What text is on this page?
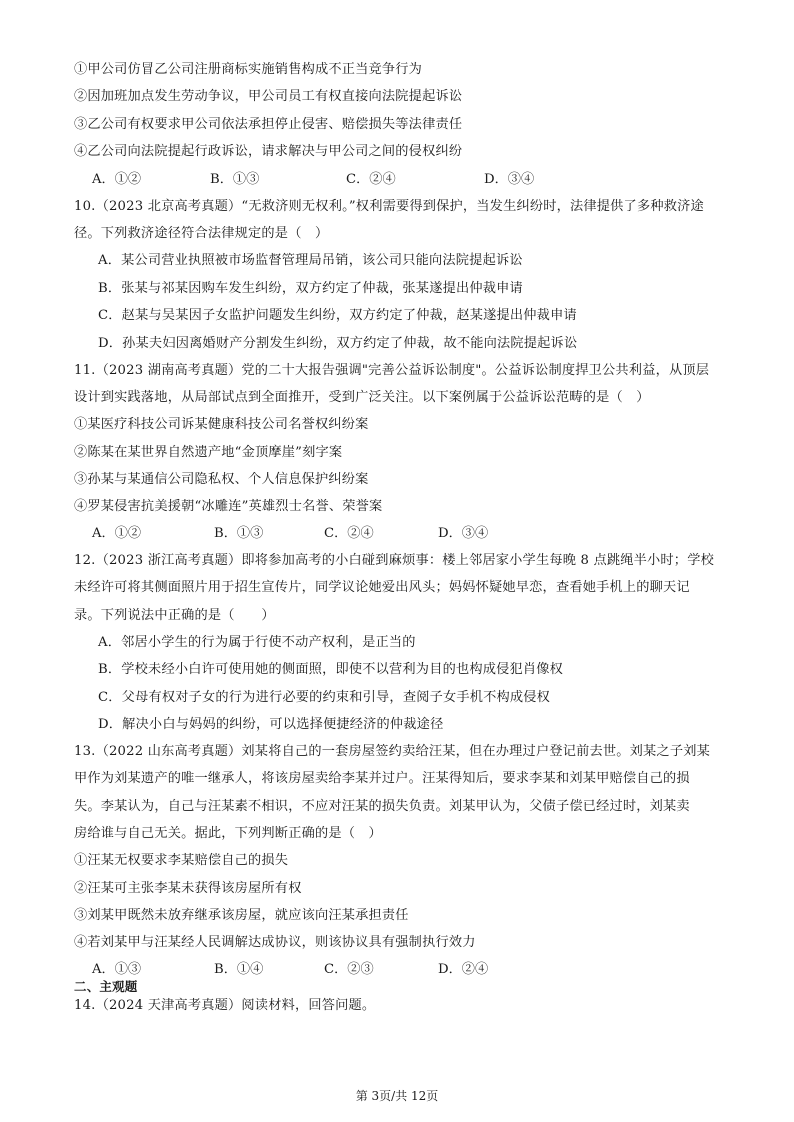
①甲公司仿冒乙公司注册商标实施销售构成不正当竞争行为
②因加班加点发生劳动争议，甲公司员工有权直接向法院提起诉讼
③乙公司有权要求甲公司依法承担停止侵害、赔偿损失等法律责任
④乙公司向法院提起行政诉讼，请求解决与甲公司之间的侵权纠纷
A．①②	B．①③	C．②④	D．③④
10.（2023 北京高考真题）“无救济则无权利。”权利需要得到保护，当发生纠纷时，法律提供了多种救济途
径。下列救济途径符合法律规定的是（　）
A．某公司营业执照被市场监督管理局吊销，该公司只能向法院提起诉讼
B．张某与祁某因购车发生纠纷，双方约定了仲裁，张某遂提出仲裁申请
C．赵某与吴某因子女监护问题发生纠纷，双方约定了仲裁，赵某遂提出仲裁申请
D．孙某夫妇因离婚财产分割发生纠纷，双方约定了仲裁，故不能向法院提起诉讼
11.（2023 湖南高考真题）党的二十大报告强调"完善公益诉讼制度"。公益诉讼制度捍卫公共利益，从顶层
设计到实践落地，从局部试点到全面推开，受到广泛关注。以下案例属于公益诉讼范畴的是（　）
①某医疗科技公司诉某健康科技公司名誉权纠纷案
②陈某在某世界自然遗产地“金顶摩崖”刻字案
③孙某与某通信公司隐私权、个人信息保护纠纷案
④罗某侵害抗美援朝“冰雕连”英雄烈士名誉、荣誉案
A．①②	B．①③	C．②④	D．③④
12.（2023 浙江高考真题）即将参加高考的小白碰到麻烦事：楼上邻居家小学生每晚 8 点跳绳半小时；学校
未经许可将其侧面照片用于招生宣传片，同学议论她爱出风头；妈妈怀疑她早恋，查看她手机上的聊天记
录。下列说法中正确的是（　　）
A．邻居小学生的行为属于行使不动产权利，是正当的
B．学校未经小白许可使用她的侧面照，即使不以营利为目的也构成侵犯肖像权
C．父母有权对子女的行为进行必要的约束和引导，查阅子女手机不构成侵权
D．解决小白与妈妈的纠纷，可以选择便捷经济的仲裁途径
13.（2022 山东高考真题）刘某将自己的一套房屋签约卖给汪某，但在办理过户登记前去世。刘某之子刘某
甲作为刘某遗产的唯一继承人，将该房屋卖给李某并过户。汪某得知后，要求李某和刘某甲赔偿自己的损
失。李某认为，自己与汪某素不相识，不应对汪某的损失负责。刘某甲认为，父债子偿已经过时，刘某卖
房给谁与自己无关。据此，下列判断正确的是（　）
①汪某无权要求李某赔偿自己的损失
②汪某可主张李某未获得该房屋所有权
③刘某甲既然未放弃继承该房屋，就应该向汪某承担责任
④若刘某甲与汪某经人民调解达成协议，则该协议具有强制执行效力
A．①③	B．①④	C．②③	D．②④
二、主观题
14.（2024 天津高考真题）阅读材料，回答问题。
第 3页/共 12页
